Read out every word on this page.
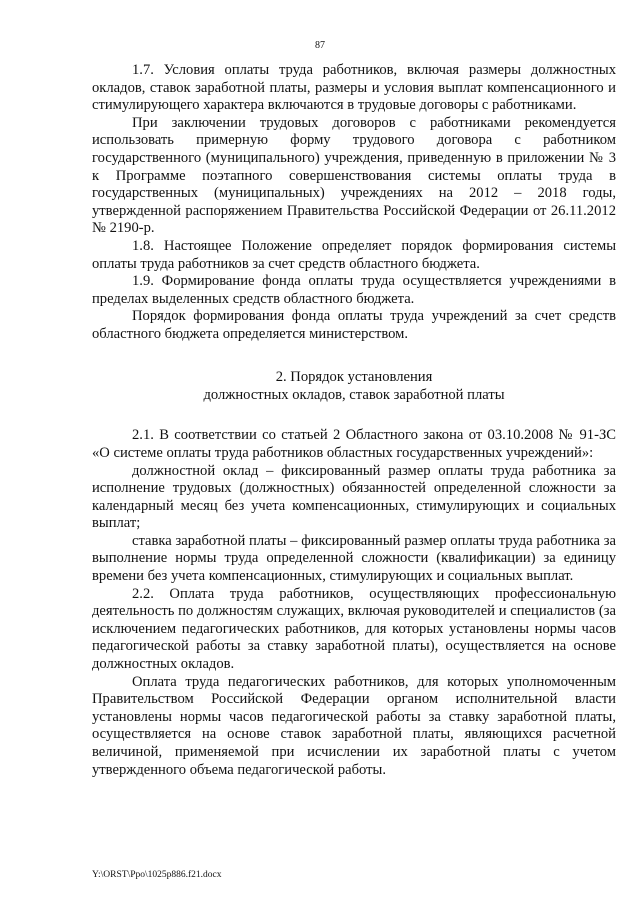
87

1.7. Условия оплаты труда работников, включая размеры должностных окладов, ставок заработной платы, размеры и условия выплат компенсационного и стимулирующего характера включаются в трудовые договоры с работниками.

При заключении трудовых договоров с работниками рекомендуется использовать примерную форму трудового договора с работником государственного (муниципального) учреждения, приведенную в приложении № 3 к Программе поэтапного совершенствования системы оплаты труда в государственных (муниципальных) учреждениях на 2012 – 2018 годы, утвержденной распоряжением Правительства Российской Федерации от 26.11.2012 № 2190-р.

1.8. Настоящее Положение определяет порядок формирования системы оплаты труда работников за счет средств областного бюджета.

1.9. Формирование фонда оплаты труда осуществляется учреждениями в пределах выделенных средств областного бюджета.

Порядок формирования фонда оплаты труда учреждений за счет средств областного бюджета определяется министерством.

2. Порядок установления
должностных окладов, ставок заработной платы

2.1. В соответствии со статьей 2 Областного закона от 03.10.2008 № 91-ЗС «О системе оплаты труда работников областных государственных учреждений»:

должностной оклад – фиксированный размер оплаты труда работника за исполнение трудовых (должностных) обязанностей определенной сложности за календарный месяц без учета компенсационных, стимулирующих и социальных выплат;

ставка заработной платы – фиксированный размер оплаты труда работника за выполнение нормы труда определенной сложности (квалификации) за единицу времени без учета компенсационных, стимулирующих и социальных выплат.

2.2. Оплата труда работников, осуществляющих профессиональную деятельность по должностям служащих, включая руководителей и специалистов (за исключением педагогических работников, для которых установлены нормы часов педагогической работы за ставку заработной платы), осуществляется на основе должностных окладов.

Оплата труда педагогических работников, для которых уполномоченным Правительством Российской Федерации органом исполнительной власти установлены нормы часов педагогической работы за ставку заработной платы, осуществляется на основе ставок заработной платы, являющихся расчетной величиной, применяемой при исчислении их заработной платы с учетом утвержденного объема педагогической работы.

Y:\ORST\Ppo\1025p886.f21.docx
